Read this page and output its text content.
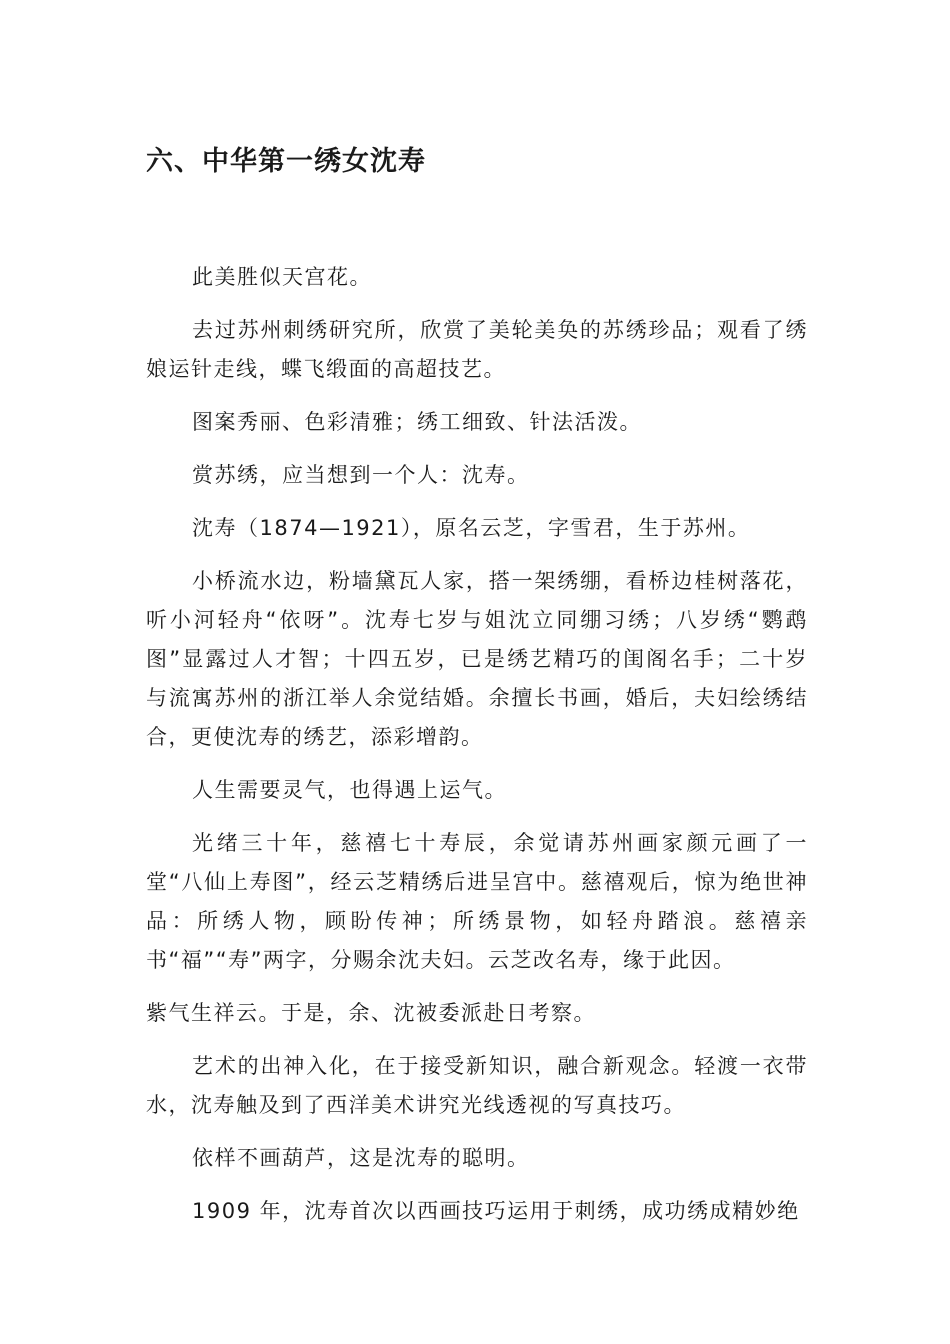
六、中华第一绣女沈寿

此美胜似天宫花。

去过苏州刺绣研究所，欣赏了美轮美奂的苏绣珍品；观看了绣娘运针走线，蝶飞缎面的高超技艺。

图案秀丽、色彩清雅；绣工细致、针法活泼。

赏苏绣，应当想到一个人：沈寿。

沈寿（1874—1921），原名云芝，字雪君，生于苏州。

小桥流水边，粉墙黛瓦人家，搭一架绣绷，看桥边桂树落花，听小河轻舟“依呀”。沈寿七岁与姐沈立同绷习绣；八岁绣“鹦鹉图”显露过人才智；十四五岁，已是绣艺精巧的闺阁名手；二十岁与流寓苏州的浙江举人余觉结婚。余擅长书画，婚后，夫妇绘绣结合，更使沈寿的绣艺，添彩增韵。

人生需要灵气，也得遇上运气。

光绪三十年，慈禧七十寿辰，余觉请苏州画家颜元画了一堂“八仙上寿图”，经云芝精绣后进呈宫中。慈禧观后，惊为绝世神品：所绣人物，顾盼传神；所绣景物，如轻舟踏浪。慈禧亲书“福”“寿”两字，分赐余沈夫妇。云芝改名寿，缘于此因。

紫气生祥云。于是，余、沈被委派赴日考察。

艺术的出神入化，在于接受新知识，融合新观念。轻渡一衣带水，沈寿触及到了西洋美术讲究光线透视的写真技巧。

依样不画葫芦，这是沈寿的聪明。

1909 年，沈寿首次以西画技巧运用于刺绣，成功绣成精妙绝
